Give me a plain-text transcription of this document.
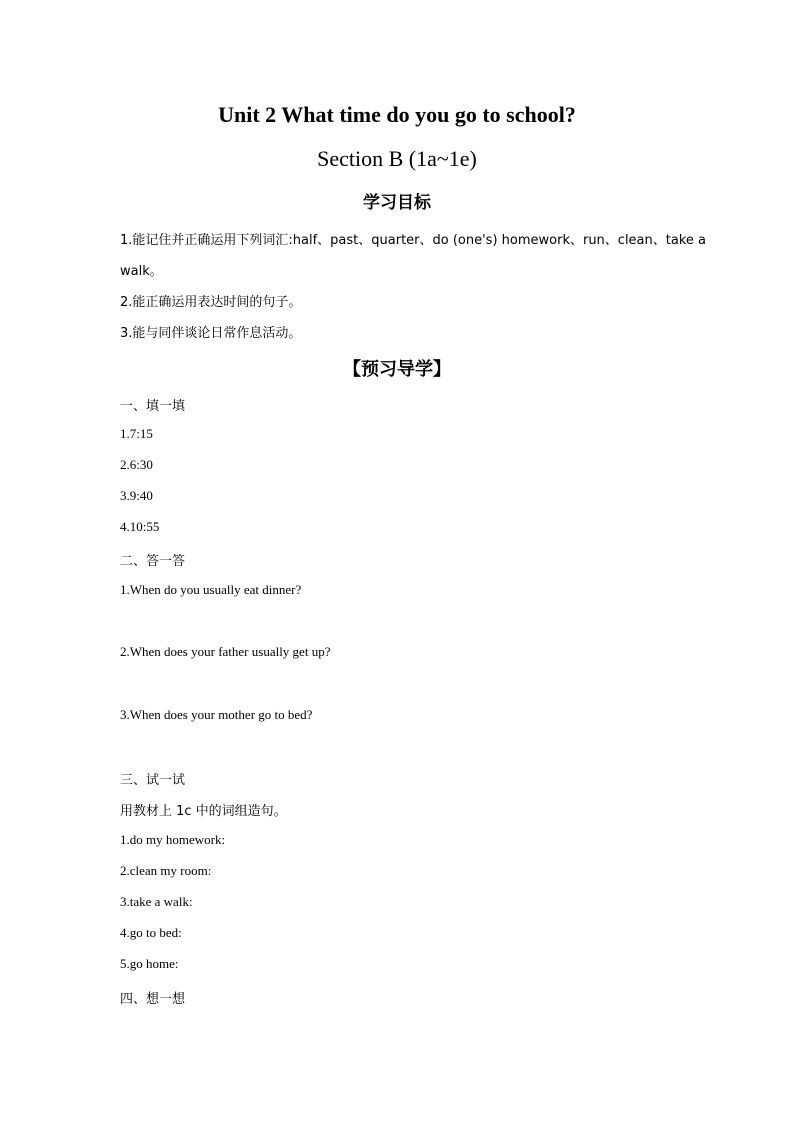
Unit 2 What time do you go to school?
Section B (1a~1e)
学习目标
1.能记住并正确运用下列词汇:half、past、quarter、do (one's) homework、run、clean、take a
walk。
2.能正确运用表达时间的句子。
3.能与同伴谈论日常作息活动。
【预习导学】
一、填一填
1.7:15
2.6:30
3.9:40
4.10:55
二、答一答
1.When do you usually eat dinner?
2.When does your father usually get up?
3.When does your mother go to bed?
三、试一试
用教材上 1c 中的词组造句。
1.do my homework:
2.clean my room:
3.take a walk:
4.go to bed:
5.go home:
四、想一想
